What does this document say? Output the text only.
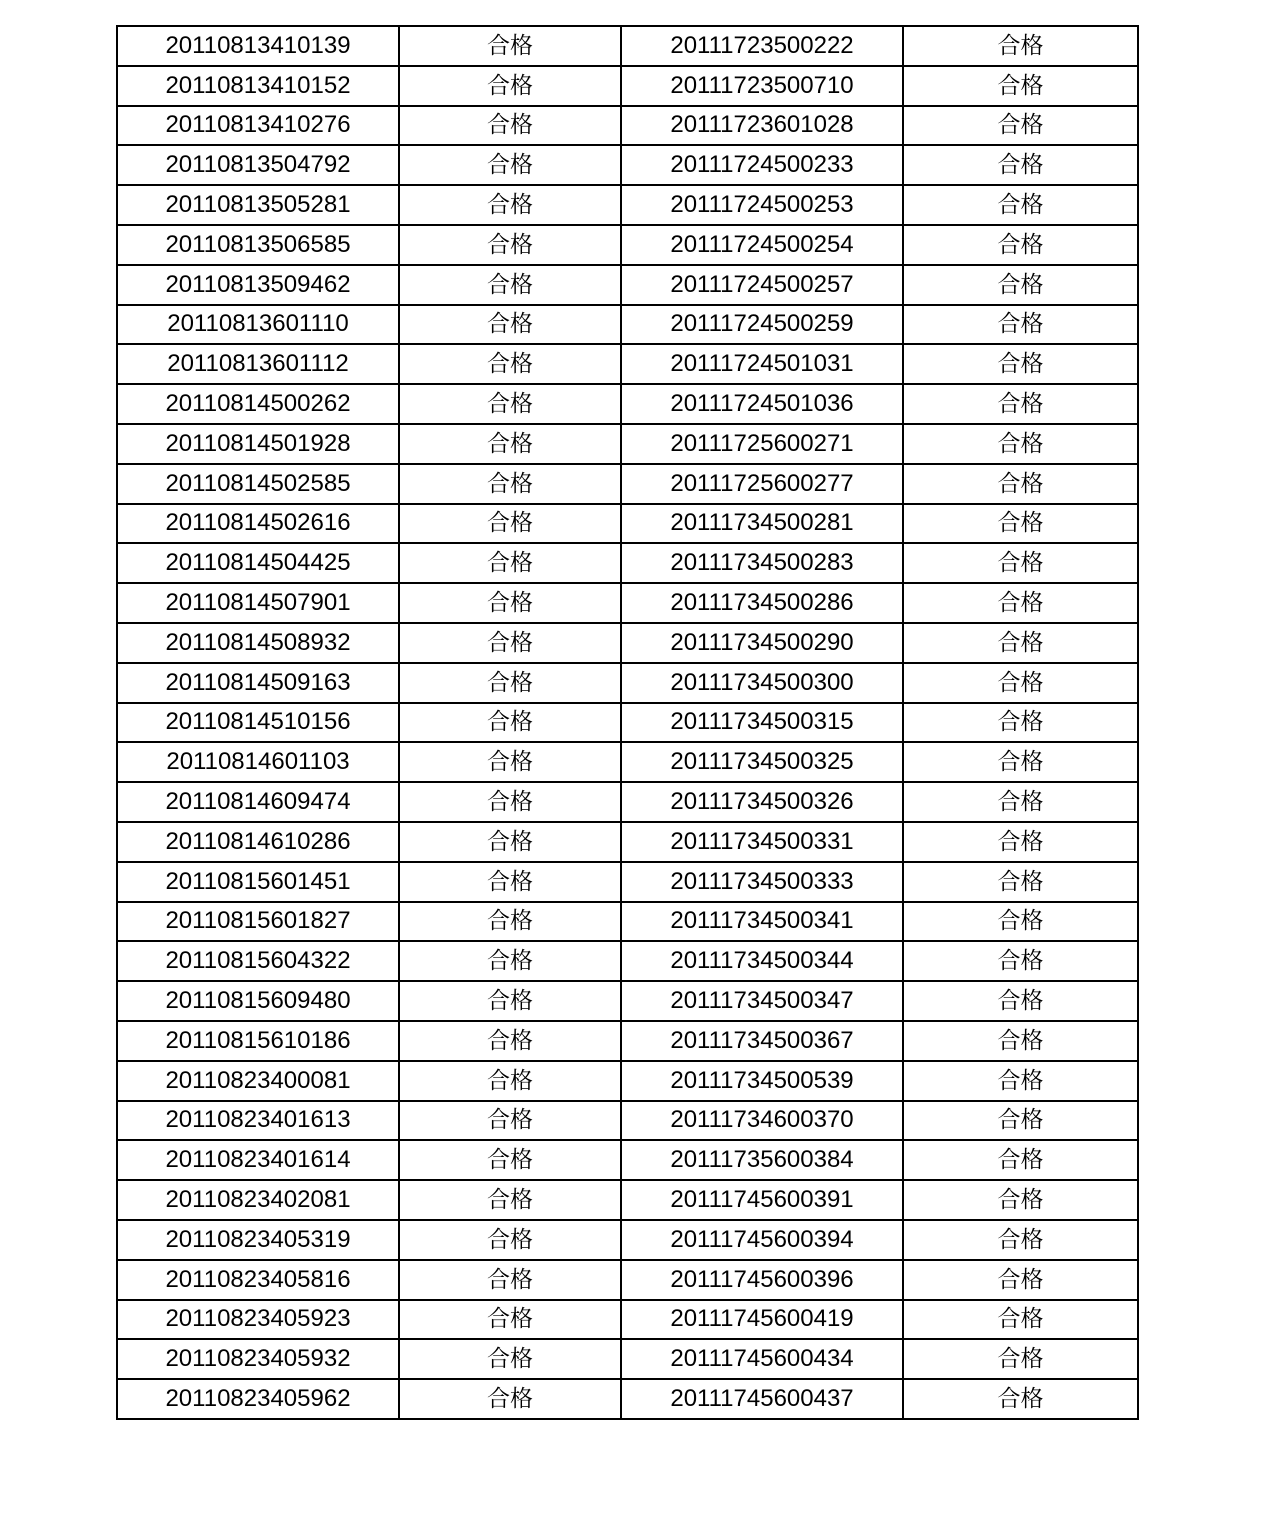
20110813410139	合格	20111723500222	合格
20110813410152	合格	20111723500710	合格
20110813410276	合格	20111723601028	合格
20110813504792	合格	20111724500233	合格
20110813505281	合格	20111724500253	合格
20110813506585	合格	20111724500254	合格
20110813509462	合格	20111724500257	合格
20110813601110	合格	20111724500259	合格
20110813601112	合格	20111724501031	合格
20110814500262	合格	20111724501036	合格
20110814501928	合格	20111725600271	合格
20110814502585	合格	20111725600277	合格
20110814502616	合格	20111734500281	合格
20110814504425	合格	20111734500283	合格
20110814507901	合格	20111734500286	合格
20110814508932	合格	20111734500290	合格
20110814509163	合格	20111734500300	合格
20110814510156	合格	20111734500315	合格
20110814601103	合格	20111734500325	合格
20110814609474	合格	20111734500326	合格
20110814610286	合格	20111734500331	合格
20110815601451	合格	20111734500333	合格
20110815601827	合格	20111734500341	合格
20110815604322	合格	20111734500344	合格
20110815609480	合格	20111734500347	合格
20110815610186	合格	20111734500367	合格
20110823400081	合格	20111734500539	合格
20110823401613	合格	20111734600370	合格
20110823401614	合格	20111735600384	合格
20110823402081	合格	20111745600391	合格
20110823405319	合格	20111745600394	合格
20110823405816	合格	20111745600396	合格
20110823405923	合格	20111745600419	合格
20110823405932	合格	20111745600434	合格
20110823405962	合格	20111745600437	合格
